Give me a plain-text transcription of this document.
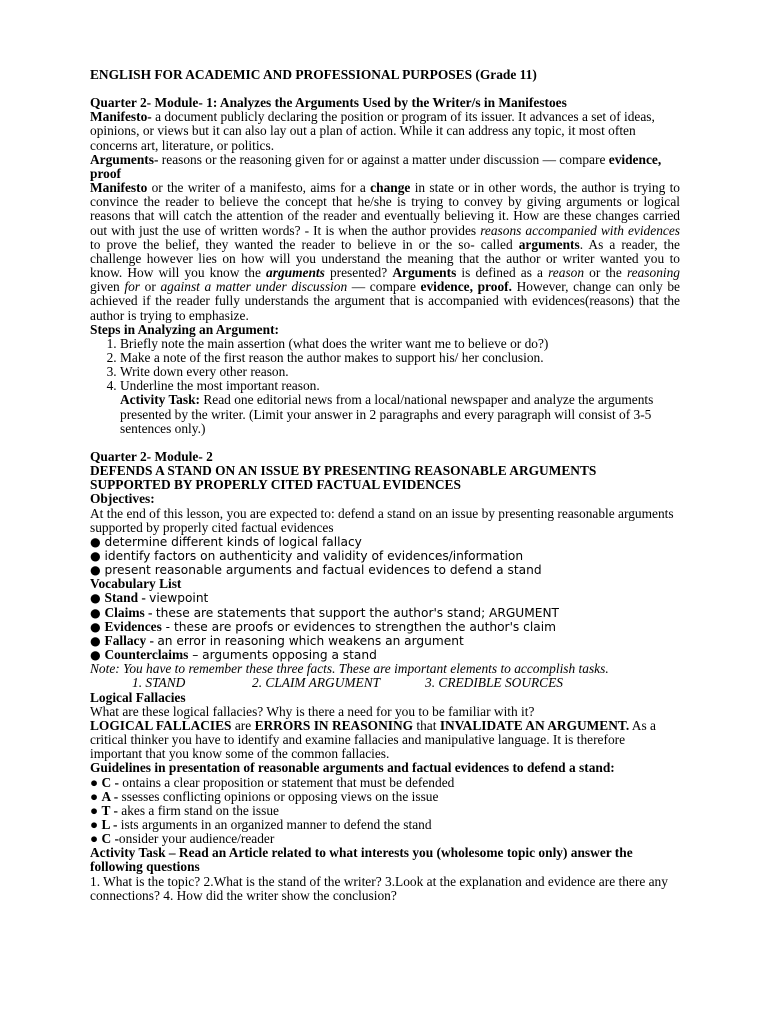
ENGLISH FOR ACADEMIC AND PROFESSIONAL PURPOSES (Grade 11)

Quarter 2- Module- 1: Analyzes the Arguments Used by the Writer/s in Manifestoes

Manifesto- a document publicly declaring the position or program of its issuer. It advances a set of ideas, opinions, or views but it can also lay out a plan of action. While it can address any topic, it most often concerns art, literature, or politics.

Arguments- reasons or the reasoning given for or against a matter under discussion — compare evidence, proof

Manifesto or the writer of a manifesto, aims for a change in state or in other words, the author is trying to convince the reader to believe the concept that he/she is trying to convey by giving arguments or logical reasons that will catch the attention of the reader and eventually believing it. How are these changes carried out with just the use of written words? - It is when the author provides reasons accompanied with evidences to prove the belief, they wanted the reader to believe in or the so- called arguments. As a reader, the challenge however lies on how will you understand the meaning that the author or writer wanted you to know. How will you know the arguments presented? Arguments is defined as a reason or the reasoning given for or against a matter under discussion — compare evidence, proof. However, change can only be achieved if the reader fully understands the argument that is accompanied with evidences(reasons) that the author is trying to emphasize.

Steps in Analyzing an Argument:

1. Briefly note the main assertion (what does the writer want me to believe or do?)
2. Make a note of the first reason the author makes to support his/ her conclusion.
3. Write down every other reason.
4. Underline the most important reason.

Activity Task: Read one editorial news from a local/national newspaper and analyze the arguments presented by the writer. (Limit your answer in 2 paragraphs and every paragraph will consist of 3-5 sentences only.)

Quarter 2- Module- 2

DEFENDS A STAND ON AN ISSUE BY PRESENTING REASONABLE ARGUMENTS SUPPORTED BY PROPERLY CITED FACTUAL EVIDENCES

Objectives:

At the end of this lesson, you are expected to: defend a stand on an issue by presenting reasonable arguments supported by properly cited factual evidences

● determine different kinds of logical fallacy

● identify factors on authenticity and validity of evidences/information

● present reasonable arguments and factual evidences to defend a stand

Vocabulary List

● Stand - viewpoint

● Claims - these are statements that support the author's stand; ARGUMENT

● Evidences - these are proofs or evidences to strengthen the author's claim

● Fallacy - an error in reasoning which weakens an argument

● Counterclaims – arguments opposing a stand

Note: You have to remember these three facts. These are important elements to accomplish tasks.

1. STAND	2. CLAIM ARGUMENT	3. CREDIBLE SOURCES

Logical Fallacies

What are these logical fallacies? Why is there a need for you to be familiar with it?

LOGICAL FALLACIES are ERRORS IN REASONING that INVALIDATE AN ARGUMENT. As a critical thinker you have to identify and examine fallacies and manipulative language. It is therefore important that you know some of the common fallacies.

Guidelines in presentation of reasonable arguments and factual evidences to defend a stand:

● C - ontains a clear proposition or statement that must be defended

● A - ssesses conflicting opinions or opposing views on the issue

● T - akes a firm stand on the issue

● L - ists arguments in an organized manner to defend the stand

● C -onsider your audience/reader

Activity Task – Read an Article related to what interests you (wholesome topic only) answer the following questions

1. What is the topic? 2.What is the stand of the writer? 3.Look at the explanation and evidence are there any connections? 4. How did the writer show the conclusion?
